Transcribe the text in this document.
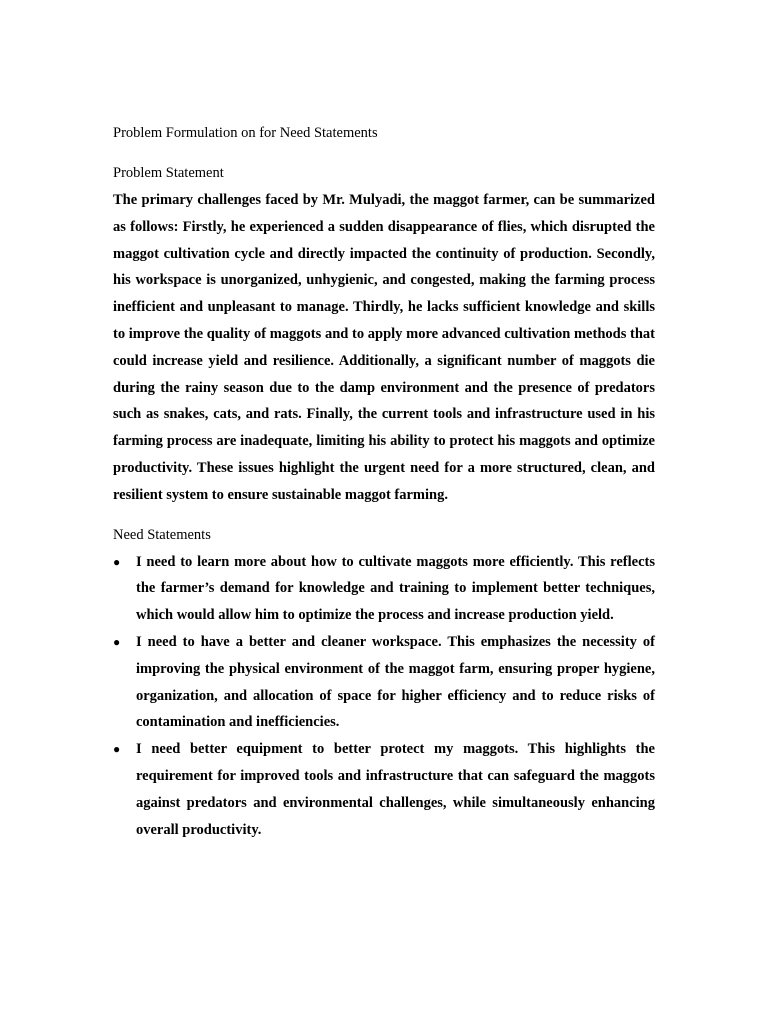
Problem Formulation on for Need Statements

Problem Statement

The primary challenges faced by Mr. Mulyadi, the maggot farmer, can be summarized as follows: Firstly, he experienced a sudden disappearance of flies, which disrupted the maggot cultivation cycle and directly impacted the continuity of production. Secondly, his workspace is unorganized, unhygienic, and congested, making the farming process inefficient and unpleasant to manage. Thirdly, he lacks sufficient knowledge and skills to improve the quality of maggots and to apply more advanced cultivation methods that could increase yield and resilience. Additionally, a significant number of maggots die during the rainy season due to the damp environment and the presence of predators such as snakes, cats, and rats. Finally, the current tools and infrastructure used in his farming process are inadequate, limiting his ability to protect his maggots and optimize productivity. These issues highlight the urgent need for a more structured, clean, and resilient system to ensure sustainable maggot farming.

Need Statements

● I need to learn more about how to cultivate maggots more efficiently. This reflects the farmer’s demand for knowledge and training to implement better techniques, which would allow him to optimize the process and increase production yield.
● I need to have a better and cleaner workspace. This emphasizes the necessity of improving the physical environment of the maggot farm, ensuring proper hygiene, organization, and allocation of space for higher efficiency and to reduce risks of contamination and inefficiencies.
● I need better equipment to better protect my maggots. This highlights the requirement for improved tools and infrastructure that can safeguard the maggots against predators and environmental challenges, while simultaneously enhancing overall productivity.
